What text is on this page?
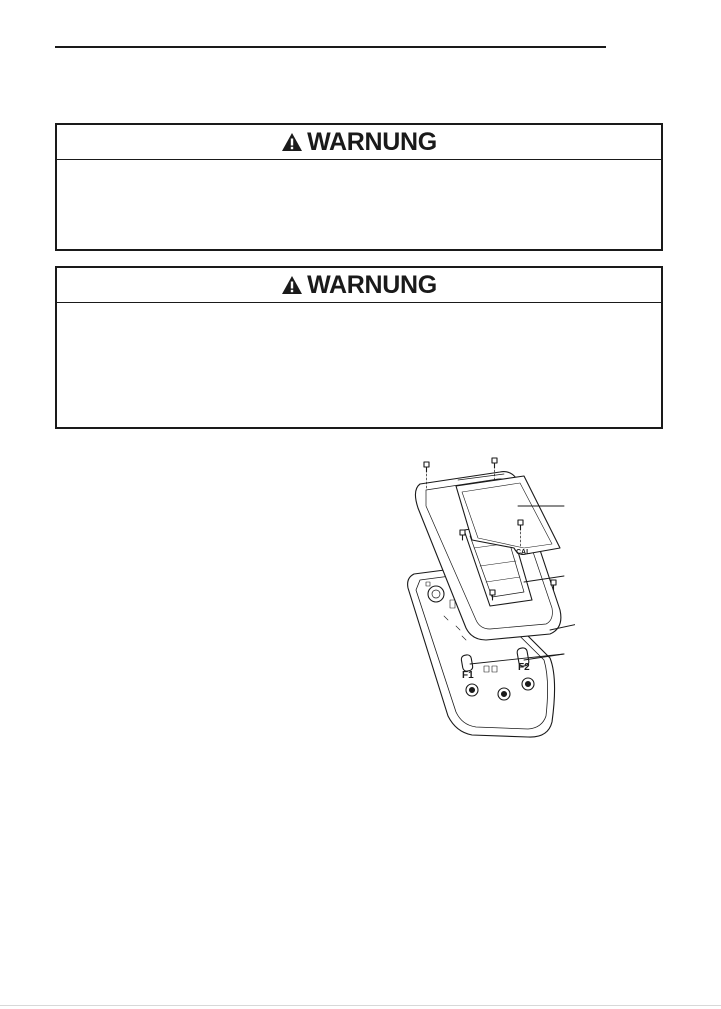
WARNUNG
WARNUNG
CAL
F1
F2
